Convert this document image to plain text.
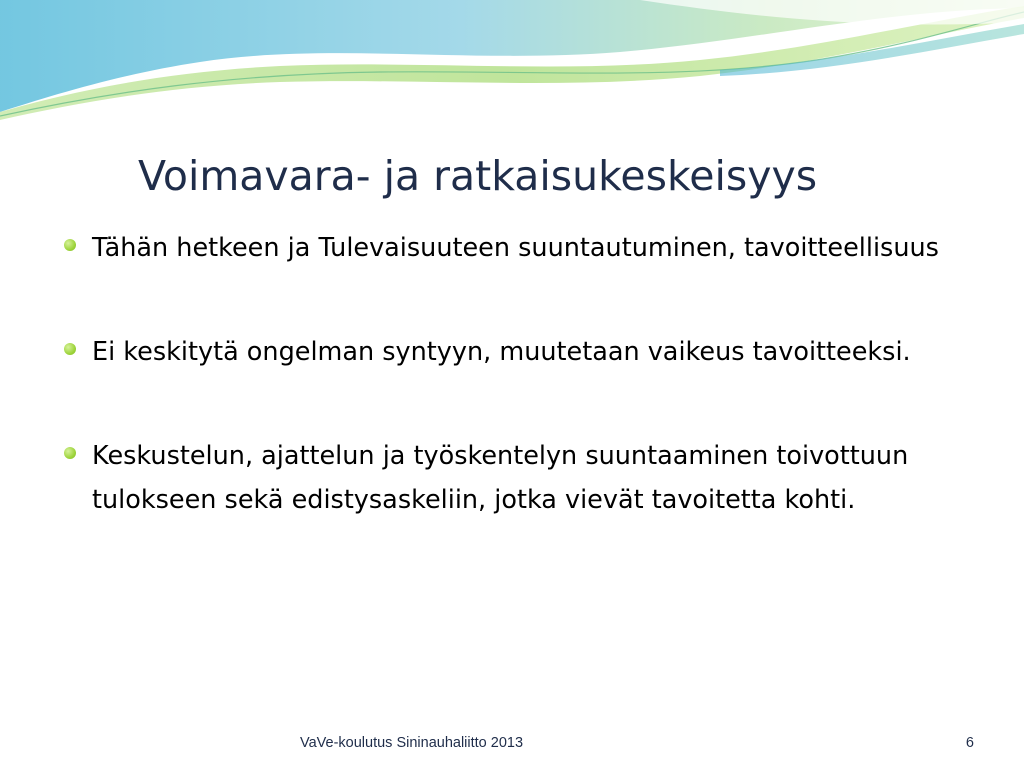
Voimavara- ja ratkaisukeskeisyys
Tähän hetkeen ja Tulevaisuuteen suuntautuminen, tavoitteellisuus
Ei keskitytä ongelman syntyyn, muutetaan vaikeus tavoitteeksi.
Keskustelun, ajattelun ja työskentelyn suuntaaminen toivottuun tulokseen sekä edistysaskeliin, jotka vievät tavoitetta kohti.
VaVe-koulutus Sininauhaliitto 2013	6
